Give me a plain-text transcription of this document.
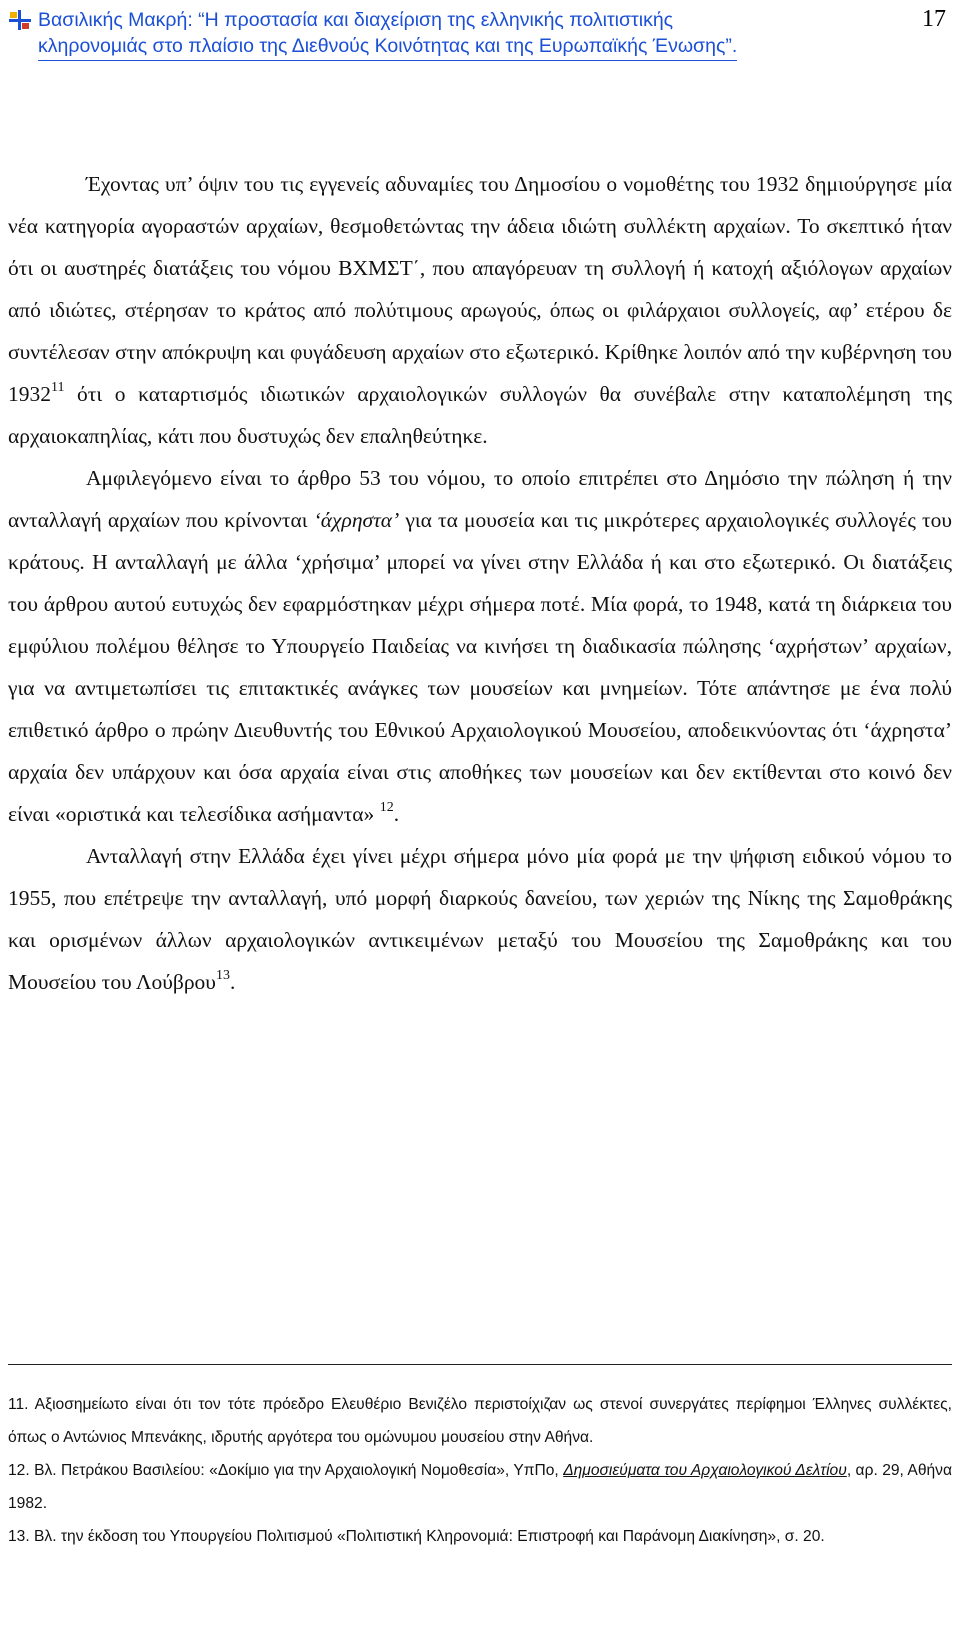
Βασιλικής Μακρή: “Η προστασία και διαχείριση της ελληνικής πολιτιστικής
κληρονομιάς στο πλαίσιο της Διεθνούς Κοινότητας και της Ευρωπαϊκής Ένωσης”.
17

Έχοντας υπ’ όψιν του τις εγγενείς αδυναμίες του Δημοσίου ο νομοθέτης του 1932 δημιούργησε μία νέα κατηγορία αγοραστών αρχαίων, θεσμοθετώντας την άδεια ιδιώτη συλλέκτη αρχαίων. Το σκεπτικό ήταν ότι οι αυστηρές διατάξεις του νόμου ΒΧΜΣΤ΄, που απαγόρευαν τη συλλογή ή κατοχή αξιόλογων αρχαίων από ιδιώτες, στέρησαν το κράτος από πολύτιμους αρωγούς, όπως οι φιλάρχαιοι συλλογείς, αφ’ ετέρου δε συντέλεσαν στην απόκρυψη και φυγάδευση αρχαίων στο εξωτερικό. Κρίθηκε λοιπόν από την κυβέρνηση του 1932$^{11}$ ότι ο καταρτισμός ιδιωτικών αρχαιολογικών συλλογών θα συνέβαλε στην καταπολέμηση της αρχαιοκαπηλίας, κάτι που δυστυχώς δεν επαληθεύτηκε.

Αμφιλεγόμενο είναι το άρθρο 53 του νόμου, το οποίο επιτρέπει στο Δημόσιο την πώληση ή την ανταλλαγή αρχαίων που κρίνονται ‘άχρηστα’ για τα μουσεία και τις μικρότερες αρχαιολογικές συλλογές του κράτους. Η ανταλλαγή με άλλα ‘χρήσιμα’ μπορεί να γίνει στην Ελλάδα ή και στο εξωτερικό. Οι διατάξεις του άρθρου αυτού ευτυχώς δεν εφαρμόστηκαν μέχρι σήμερα ποτέ. Μία φορά, το 1948, κατά τη διάρκεια του εμφύλιου πολέμου θέλησε το Υπουργείο Παιδείας να κινήσει τη διαδικασία πώλησης ‘αχρήστων’ αρχαίων, για να αντιμετωπίσει τις επιτακτικές ανάγκες των μουσείων και μνημείων. Τότε απάντησε με ένα πολύ επιθετικό άρθρο ο πρώην Διευθυντής του Εθνικού Αρχαιολογικού Μουσείου, αποδεικνύοντας ότι ‘άχρηστα’ αρχαία δεν υπάρχουν και όσα αρχαία είναι στις αποθήκες των μουσείων και δεν εκτίθενται στο κοινό δεν είναι «οριστικά και τελεσίδικα ασήμαντα» $^{12}$.

Ανταλλαγή στην Ελλάδα έχει γίνει μέχρι σήμερα μόνο μία φορά με την ψήφιση ειδικού νόμου το 1955, που επέτρεψε την ανταλλαγή, υπό μορφή διαρκούς δανείου, των χεριών της Νίκης της Σαμοθράκης και ορισμένων άλλων αρχαιολογικών αντικειμένων μεταξύ του Μουσείου της Σαμοθράκης και του Μουσείου του Λούβρου$^{13}$.

11. Αξιοσημείωτο είναι ότι τον τότε πρόεδρο Ελευθέριο Βενιζέλο περιστοίχιζαν ως στενοί συνεργάτες περίφημοι Έλληνες συλλέκτες, όπως ο Αντώνιος Μπενάκης, ιδρυτής αργότερα του ομώνυμου μουσείου στην Αθήνα.

12. Βλ. Πετράκου Βασιλείου: «Δοκίμιο για την Αρχαιολογική Νομοθεσία», ΥπΠο, Δημοσιεύματα του Αρχαιολογικού Δελτίου, αρ. 29, Αθήνα 1982.

13. Βλ. την έκδοση του Υπουργείου Πολιτισμού «Πολιτιστική Κληρονομιά: Επιστροφή και Παράνομη Διακίνηση», σ. 20.
